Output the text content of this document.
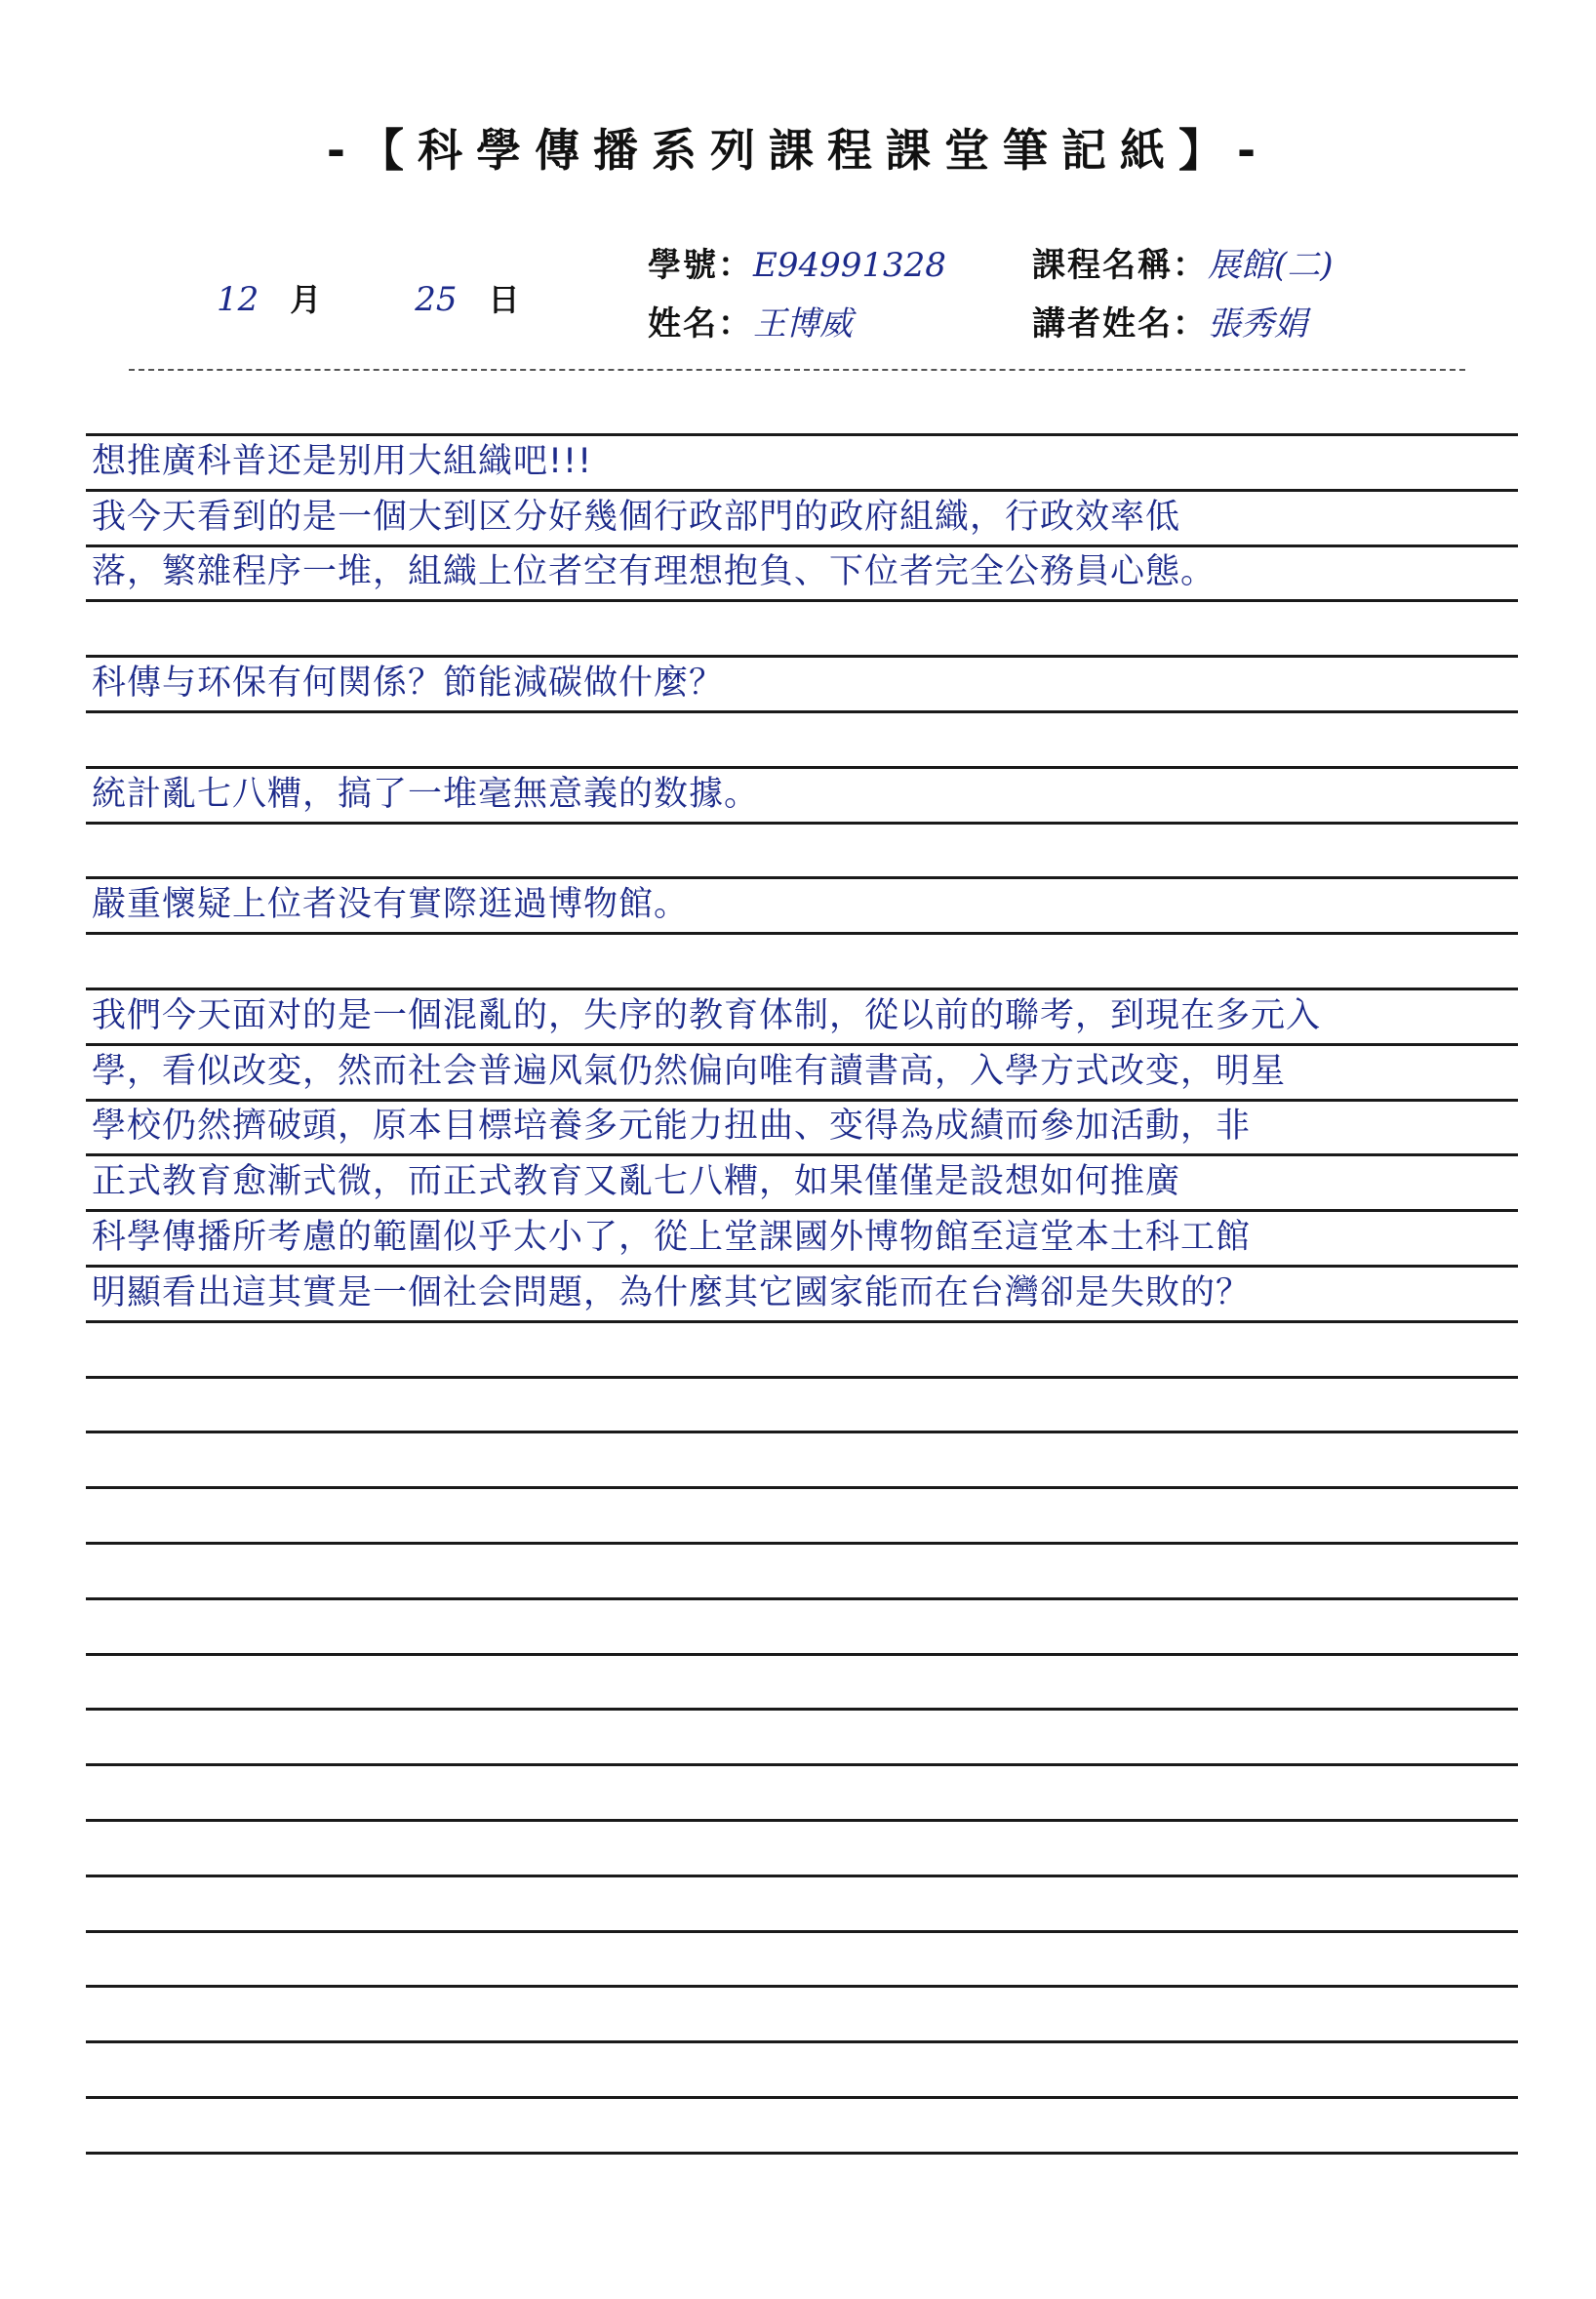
-【科學傳播系列課程課堂筆記紙】-
12 月	25 日
學號：E94991328
姓名：王博威
課程名稱：展館(二)
講者姓名：張秀娟
想推廣科普还是别用大組織吧!!!
我今天看到的是一個大到区分好幾個行政部門的政府組織，行政效率低
落，繁雜程序一堆，組織上位者空有理想抱負、下位者完全公務員心態。
科傳与环保有何関係？節能減碳做什麼？
統計亂七八糟，搞了一堆毫無意義的数據。
嚴重懷疑上位者没有實際逛過博物館。
我們今天面对的是一個混亂的，失序的教育体制，從以前的聯考，到現在多元入
學，看似改変，然而社会普遍风氣仍然偏向唯有讀書高，入學方式改变，明星
學校仍然擠破頭，原本目標培養多元能力扭曲、变得為成績而參加活動，非
正式教育愈漸式微，而正式教育又亂七八糟，如果僅僅是設想如何推廣
科學傳播所考慮的範圍似乎太小了，從上堂課國外博物館至這堂本土科工館
明顯看出這其實是一個社会問題，為什麼其它國家能而在台灣卻是失敗的？
